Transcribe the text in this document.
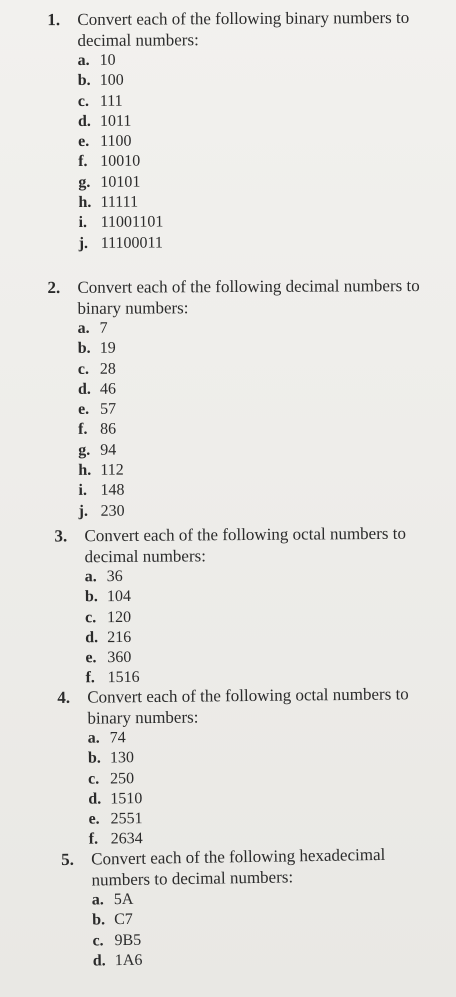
1.	Convert each of the following binary numbers to decimal numbers:
a. 10
b. 100
c. 111
d. 1011
e. 1100
f. 10010
g. 10101
h. 11111
i. 11001101
j. 11100011
2.	Convert each of the following decimal numbers to binary numbers:
a. 7
b. 19
c. 28
d. 46
e. 57
f. 86
g. 94
h. 112
i. 148
j. 230
3.	Convert each of the following octal numbers to decimal numbers:
a. 36
b. 104
c. 120
d. 216
e. 360
f. 1516
4.	Convert each of the following octal numbers to binary numbers:
a. 74
b. 130
c. 250
d. 1510
e. 2551
f. 2634
5. Convert each of the following hexadecimal numbers to decimal numbers:
a. 5A
b. C7
c. 9B5
d. 1A6
